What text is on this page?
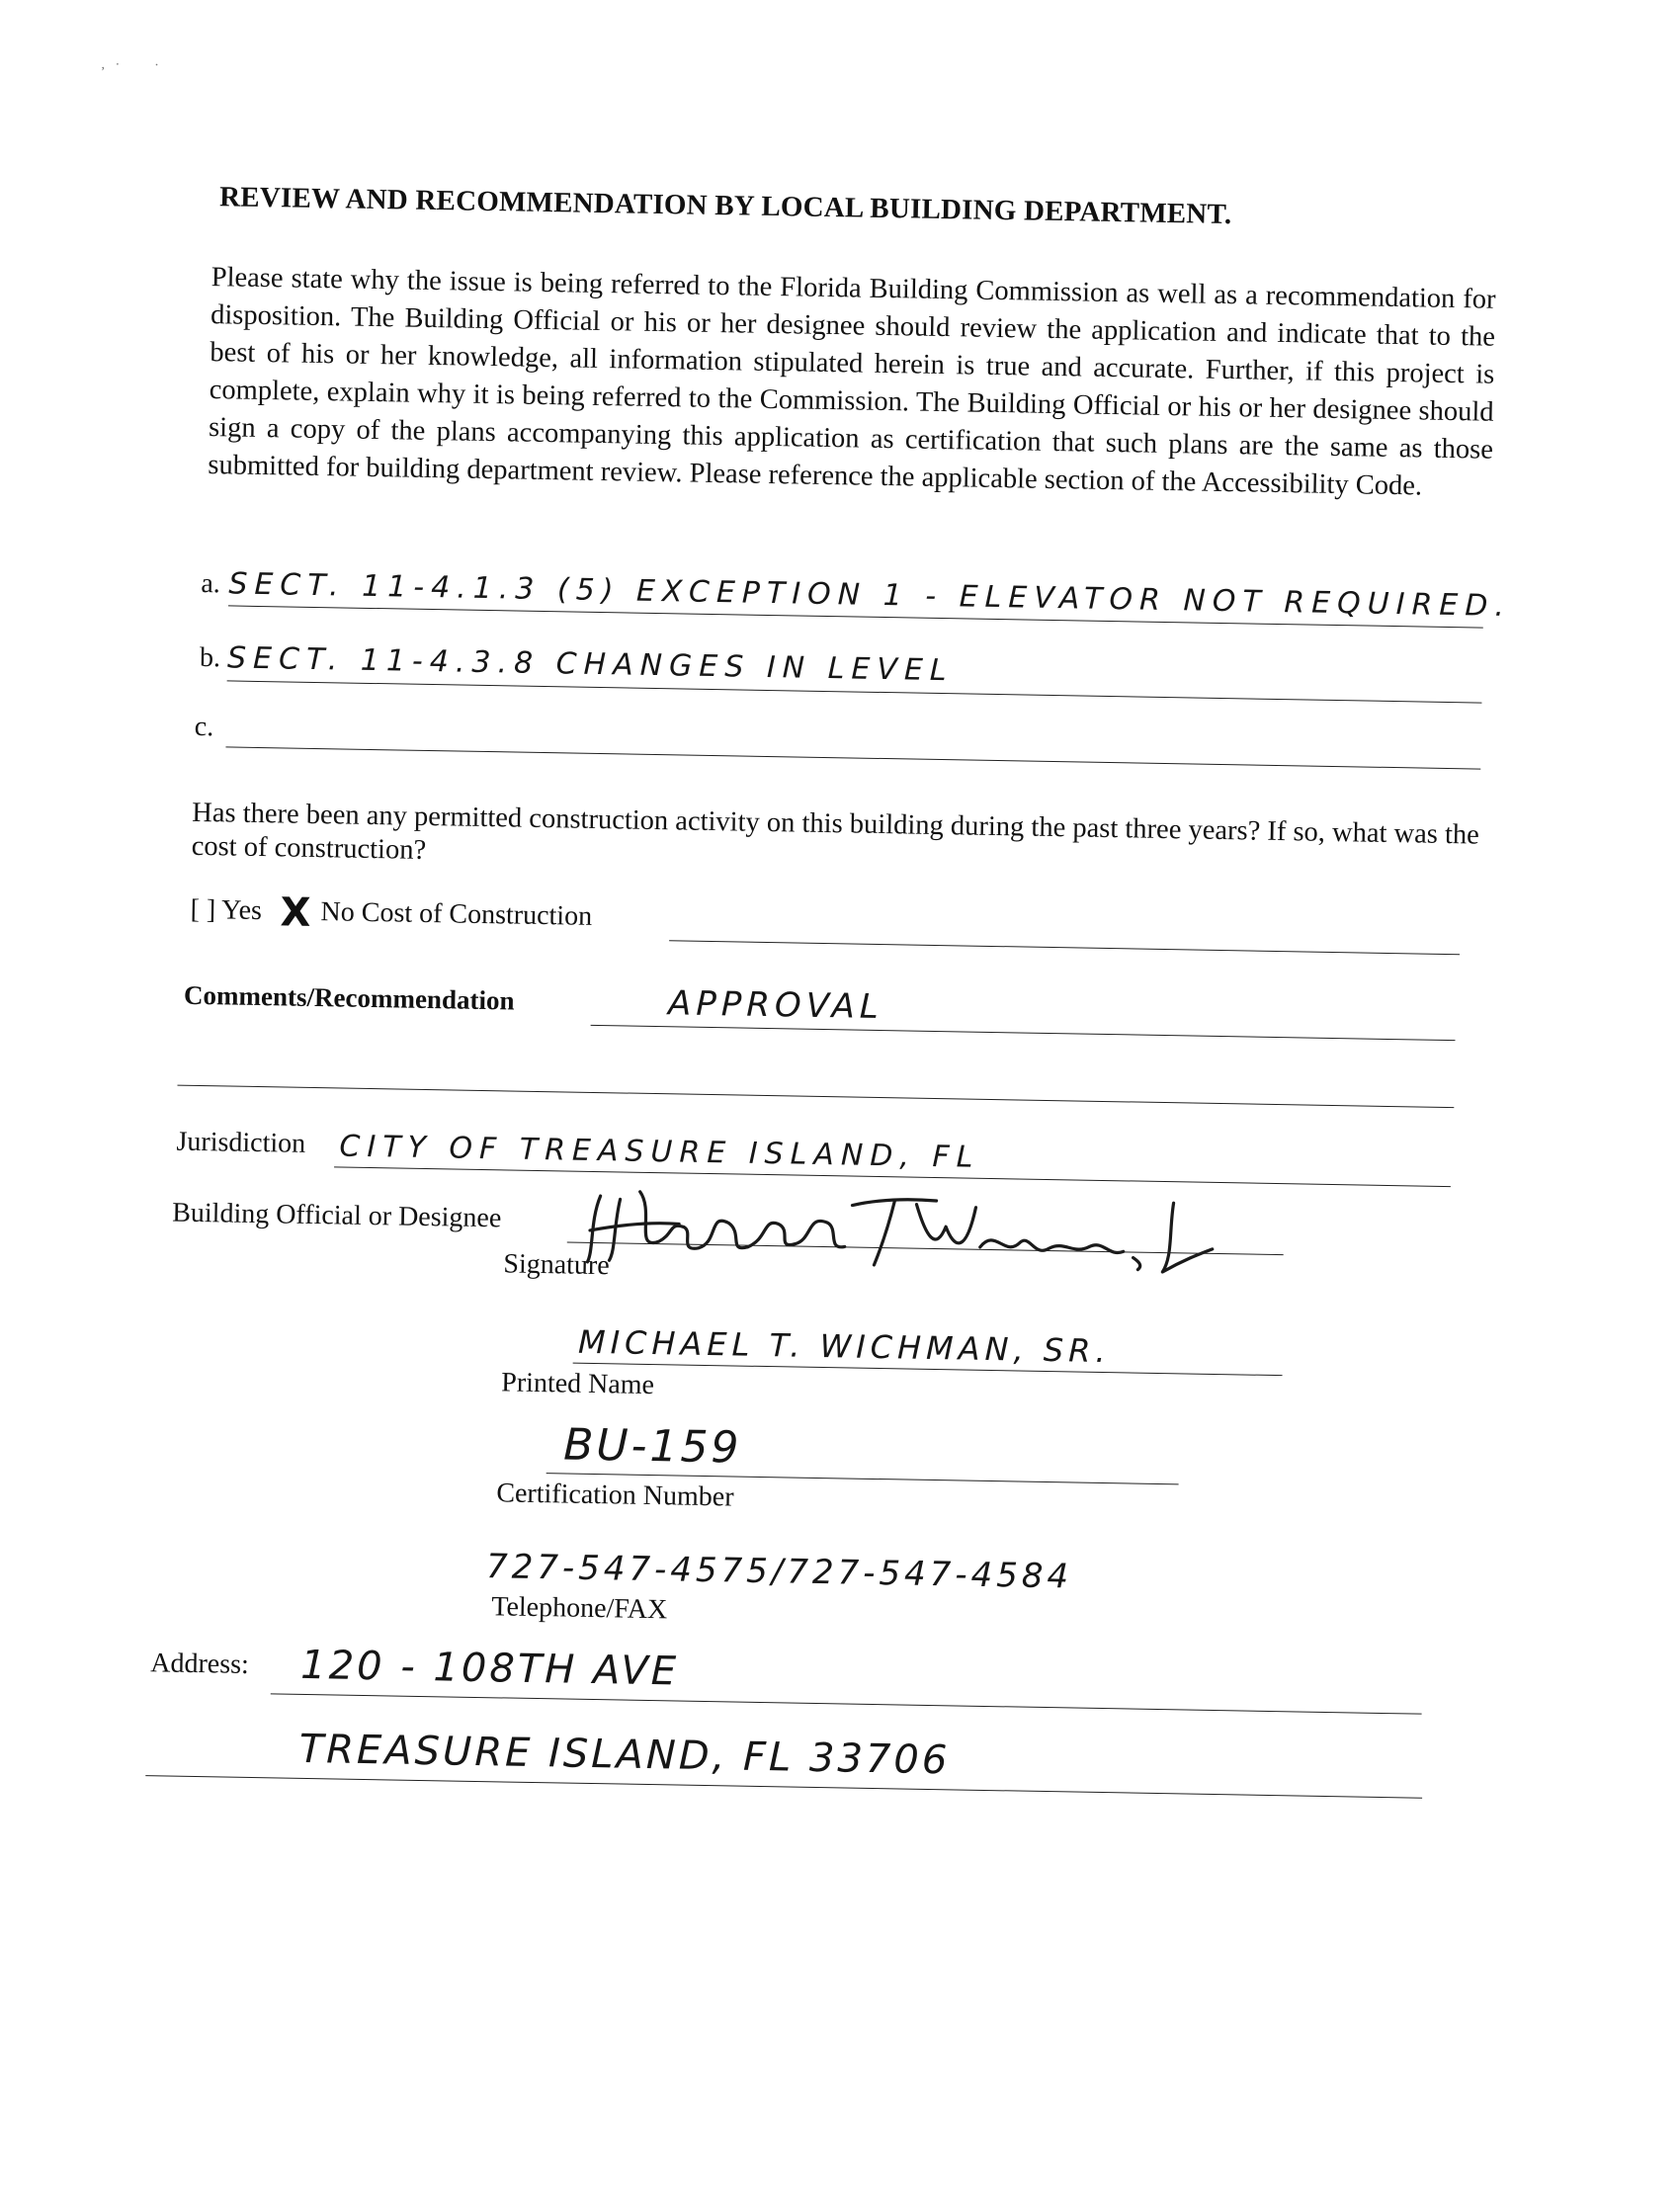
,   ·          ·
REVIEW AND RECOMMENDATION BY LOCAL BUILDING DEPARTMENT.
Please state why the issue is being referred to the Florida Building Commission as well as a recommendation for disposition. The Building Official or his or her designee should review the application and indicate that to the best of his or her knowledge, all information stipulated herein is true and accurate. Further, if this project is complete, explain why it is being referred to the Commission. The Building Official or his or her designee should sign a copy of the plans accompanying this application as certification that such plans are the same as those submitted for building department review. Please reference the applicable section of the Accessibility Code.
a. SECT. 11-4.1.3 (5) EXCEPTION 1 - ELEVATOR NOT REQUIRED.
b. SECT. 11-4.3.8 CHANGES IN LEVEL
c.
Has there been any permitted construction activity on this building during the past three years? If so, what was the cost of construction?
[ ] Yes X No Cost of Construction
Comments/Recommendation	APPROVAL
Jurisdiction CITY OF TREASURE ISLAND, FL
Building Official or Designee
Signature
MICHAEL T. WICHMAN, SR.
Printed Name
BU-159
Certification Number
727-547-4575/727-547-4584
Telephone/FAX
Address: 120 - 108TH AVE
TREASURE ISLAND, FL 33706
